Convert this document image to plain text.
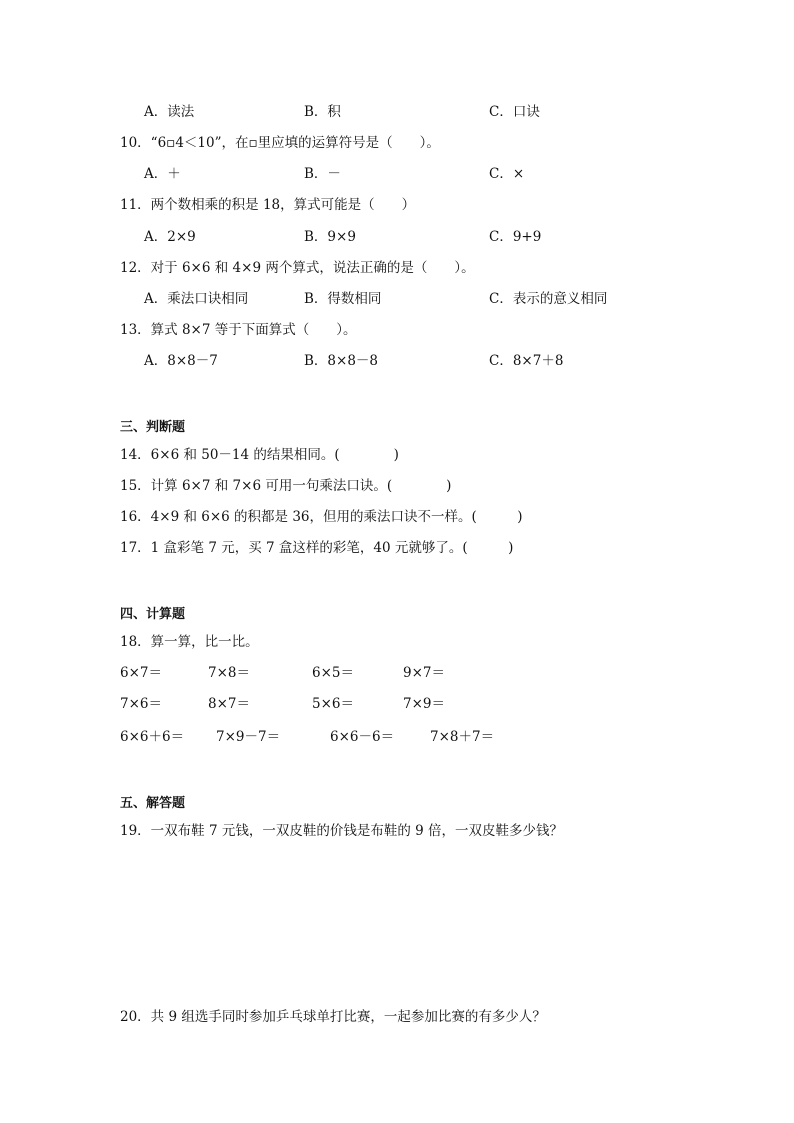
A．读法	B．积	C．口诀
10．“6▫4＜10”，在▫里应填的运算符号是（　　）。
A．＋	B．－	C．×
11．两个数相乘的积是 18，算式可能是（　　）
A．2×9	B．9×9	C．9+9
12．对于 6×6 和 4×9 两个算式，说法正确的是（　　）。
A．乘法口诀相同	B．得数相同	C．表示的意义相同
13．算式 8×7 等于下面算式（　　）。
A．8×8－7	B．8×8－8	C．8×7＋8
三、判断题
14．6×6 和 50－14 的结果相同。(　　　　)
15．计算 6×7 和 7×6 可用一句乘法口诀。(　　　　)
16．4×9 和 6×6 的积都是 36，但用的乘法口诀不一样。(　　　)
17．1 盒彩笔 7 元，买 7 盒这样的彩笔，40 元就够了。(　　　)
四、计算题
18．算一算，比一比。
6×7＝	7×8＝	6×5＝	9×7＝
7×6＝	8×7＝	5×6＝	7×9＝
6×6＋6＝ 7×9－7＝	6×6－6＝	7×8＋7＝
五、解答题
19．一双布鞋 7 元钱，一双皮鞋的价钱是布鞋的 9 倍，一双皮鞋多少钱？
20．共 9 组选手同时参加乒乓球单打比赛，一起参加比赛的有多少人？
